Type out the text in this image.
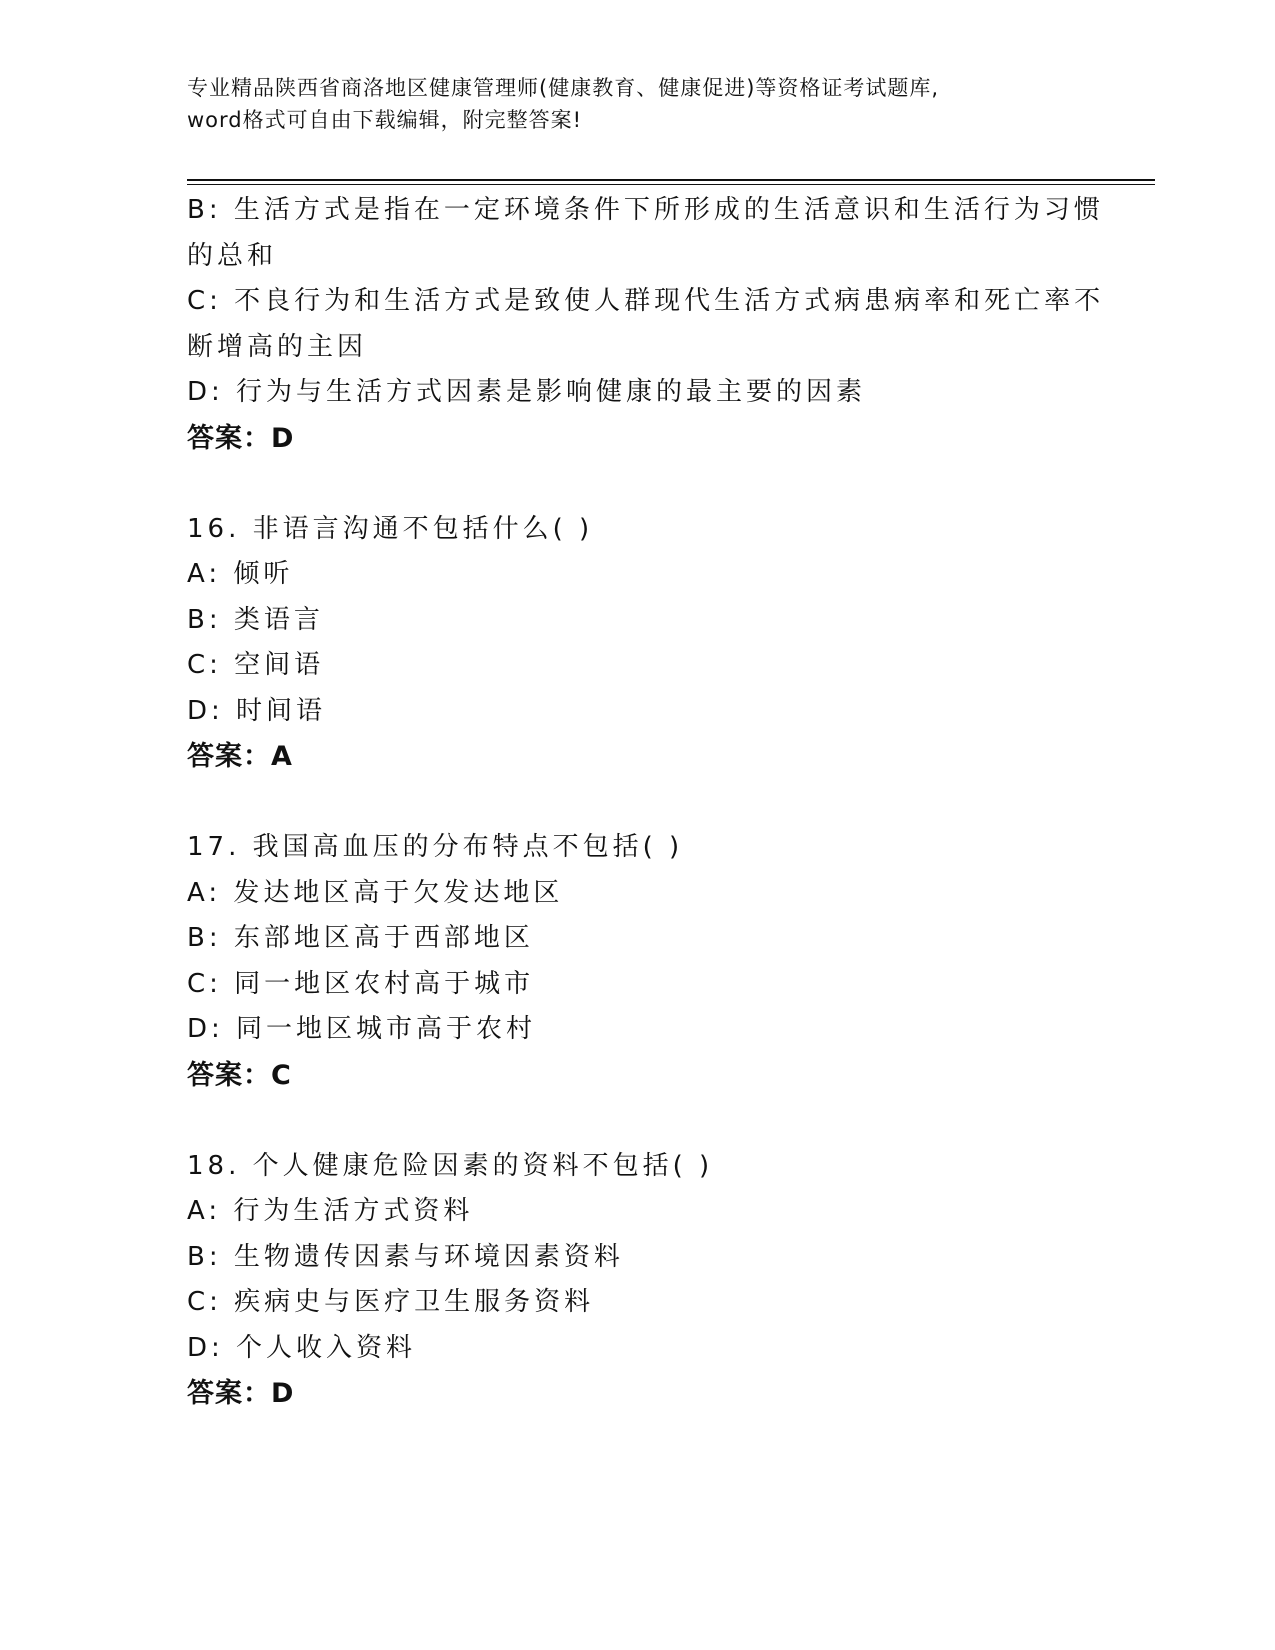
专业精品陕西省商洛地区健康管理师(健康教育、健康促进)等资格证考试题库,
word格式可自由下载编辑，附完整答案!
B: 生活方式是指在一定环境条件下所形成的生活意识和生活行为习惯
的总和
C: 不良行为和生活方式是致使人群现代生活方式病患病率和死亡率不
断增高的主因
D: 行为与生活方式因素是影响健康的最主要的因素
答案：D
16. 非语言沟通不包括什么( )
A: 倾听
B: 类语言
C: 空间语
D: 时间语
答案：A
17. 我国高血压的分布特点不包括( )
A: 发达地区高于欠发达地区
B: 东部地区高于西部地区
C: 同一地区农村高于城市
D: 同一地区城市高于农村
答案：C
18. 个人健康危险因素的资料不包括( )
A: 行为生活方式资料
B: 生物遗传因素与环境因素资料
C: 疾病史与医疗卫生服务资料
D: 个人收入资料
答案：D
